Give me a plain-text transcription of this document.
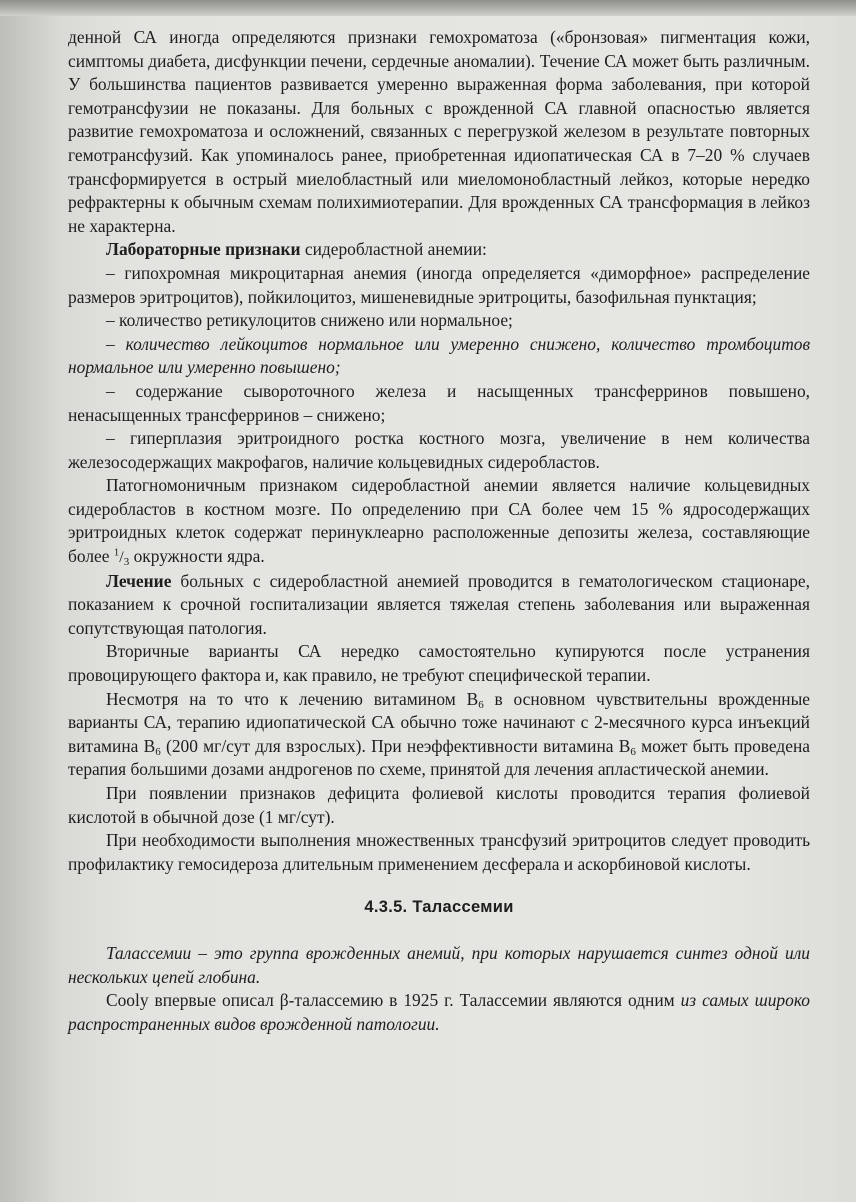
денной СА иногда определяются признаки гемохроматоза («бронзовая» пигментация кожи, симптомы диабета, дисфункции печени, сердечные аномалии). Течение СА может быть различным. У большинства пациентов развивается умеренно выраженная форма заболевания, при которой гемотрансфузии не показаны. Для больных с врожденной СА главной опасностью является развитие гемохроматоза и осложнений, связанных с перегрузкой железом в результате повторных гемотрансфузий. Как упоминалось ранее, приобретенная идиопатическая СА в 7–20 % случаев трансформируется в острый миелобластный или миеломонобластный лейкоз, которые нередко рефрактерны к обычным схемам полихимиотерапии. Для врожденных СА трансформация в лейкоз не характерна.

Лабораторные признаки сидеробластной анемии:

– гипохромная микроцитарная анемия (иногда определяется «диморфное» распределение размеров эритроцитов), пойкилоцитоз, мишеневидные эритроциты, базофильная пунктация;

– количество ретикулоцитов снижено или нормальное;

– количество лейкоцитов нормальное или умеренно снижено, количество тромбоцитов нормальное или умеренно повышено;

– содержание сывороточного железа и насыщенных трансферринов повышено, ненасыщенных трансферринов – снижено;

– гиперплазия эритроидного ростка костного мозга, увеличение в нем количества железосодержащих макрофагов, наличие кольцевидных сидеробластов.

Патогномоничным признаком сидеробластной анемии является наличие кольцевидных сидеробластов в костном мозге. По определению при СА более чем 15 % ядросодержащих эритроидных клеток содержат перинуклеарно расположенные депозиты железа, составляющие более $^1/_3$ окружности ядра.

Лечение больных с сидеробластной анемией проводится в гематологическом стационаре, показанием к срочной госпитализации является тяжелая степень заболевания или выраженная сопутствующая патология.

Вторичные варианты СА нередко самостоятельно купируются после устранения провоцирующего фактора и, как правило, не требуют специфической терапии.

Несмотря на то что к лечению витамином $B_6$ в основном чувствительны врожденные варианты СА, терапию идиопатической СА обычно тоже начинают с 2-месячного курса инъекций витамина $B_6$ (200 мг/сут для взрослых). При неэффективности витамина $B_6$ может быть проведена терапия большими дозами андрогенов по схеме, принятой для лечения апластической анемии.

При появлении признаков дефицита фолиевой кислоты проводится терапия фолиевой кислотой в обычной дозе (1 мг/сут).

При необходимости выполнения множественных трансфузий эритроцитов следует проводить профилактику гемосидероза длительным применением десферала и аскорбиновой кислоты.

4.3.5. Талассемии

Талассемии – это группа врожденных анемий, при которых нарушается синтез одной или нескольких цепей глобина.

Cooly впервые описал β-талассемию в 1925 г. Талассемии являются одним из самых широко распространенных видов врожденной патологии.
